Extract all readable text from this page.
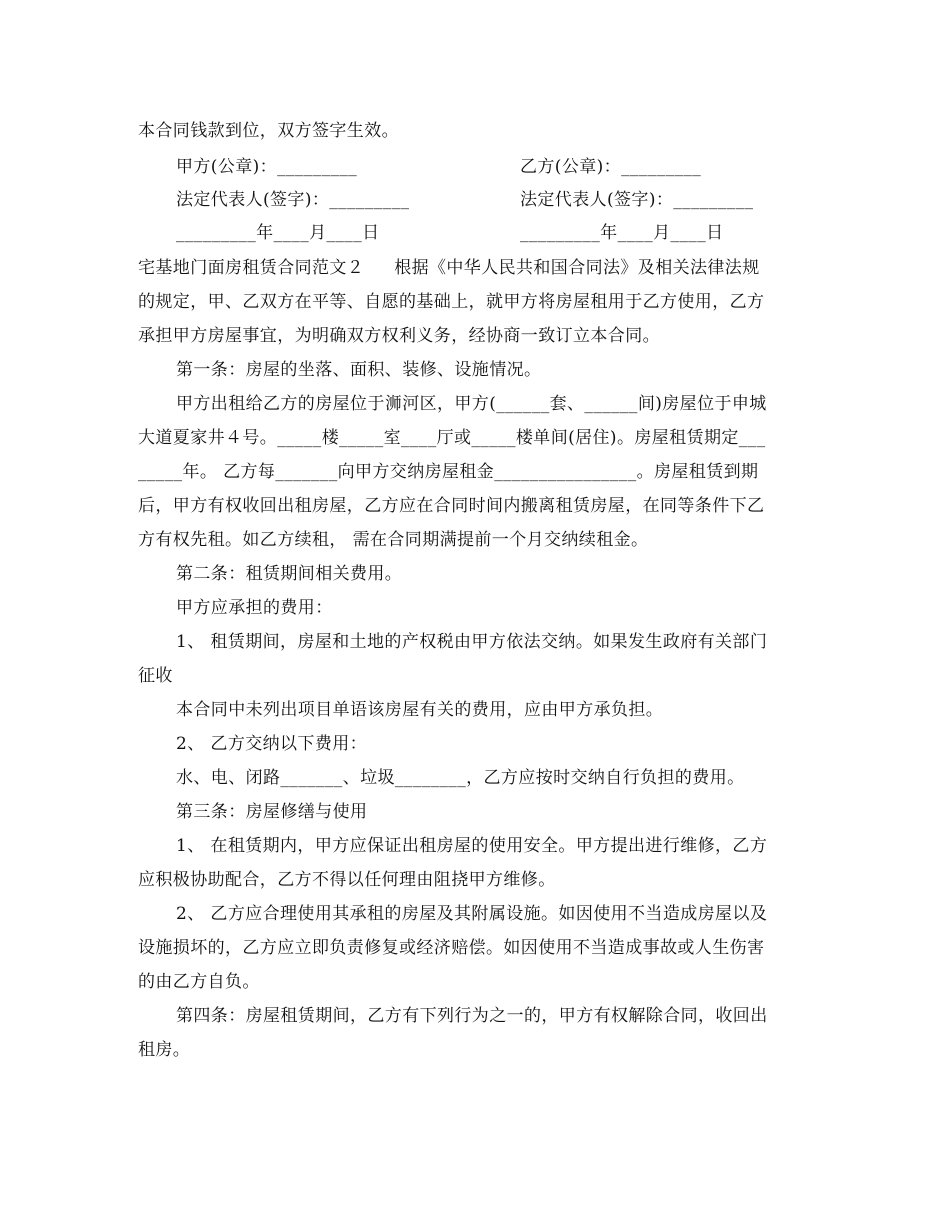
本合同钱款到位，双方签字生效。
甲方(公章)：_________	乙方(公章)：_________
法定代表人(签字)：_________	法定代表人(签字)：_________
_________年____月____日	_________年____月____日
宅基地门面房租赁合同范文２ 根据《中华人民共和国合同法》及相关法律法规
的规定，甲、乙双方在平等、自愿的基础上，就甲方将房屋租用于乙方使用，乙方
承担甲方房屋事宜，为明确双方权利义务，经协商一致订立本合同。
第一条：房屋的坐落、面积、装修、设施情况。
甲方出租给乙方的房屋位于浉河区，甲方(______套、______间)房屋位于申城
大道夏家井４号。_____楼_____室____厅或_____楼单间(居住)。房屋租赁期定___
_____年。 乙方每_______向甲方交纳房屋租金________________。房屋租赁到期
后，甲方有权收回出租房屋，乙方应在合同时间内搬离租赁房屋，在同等条件下乙
方有权先租。如乙方续租， 需在合同期满提前一个月交纳续租金。
第二条：租赁期间相关费用。
甲方应承担的费用：
1、 租赁期间，房屋和土地的产权税由甲方依法交纳。如果发生政府有关部门
征收
本合同中未列出项目单语该房屋有关的费用，应由甲方承负担。
2、 乙方交纳以下费用：
水、电、闭路_______、垃圾________，乙方应按时交纳自行负担的费用。
第三条：房屋修缮与使用
1、 在租赁期内，甲方应保证出租房屋的使用安全。甲方提出进行维修，乙方
应积极协助配合，乙方不得以任何理由阻挠甲方维修。
2、 乙方应合理使用其承租的房屋及其附属设施。如因使用不当造成房屋以及
设施损坏的，乙方应立即负责修复或经济赔偿。如因使用不当造成事故或人生伤害
的由乙方自负。
第四条：房屋租赁期间，乙方有下列行为之一的，甲方有权解除合同，收回出
租房。
